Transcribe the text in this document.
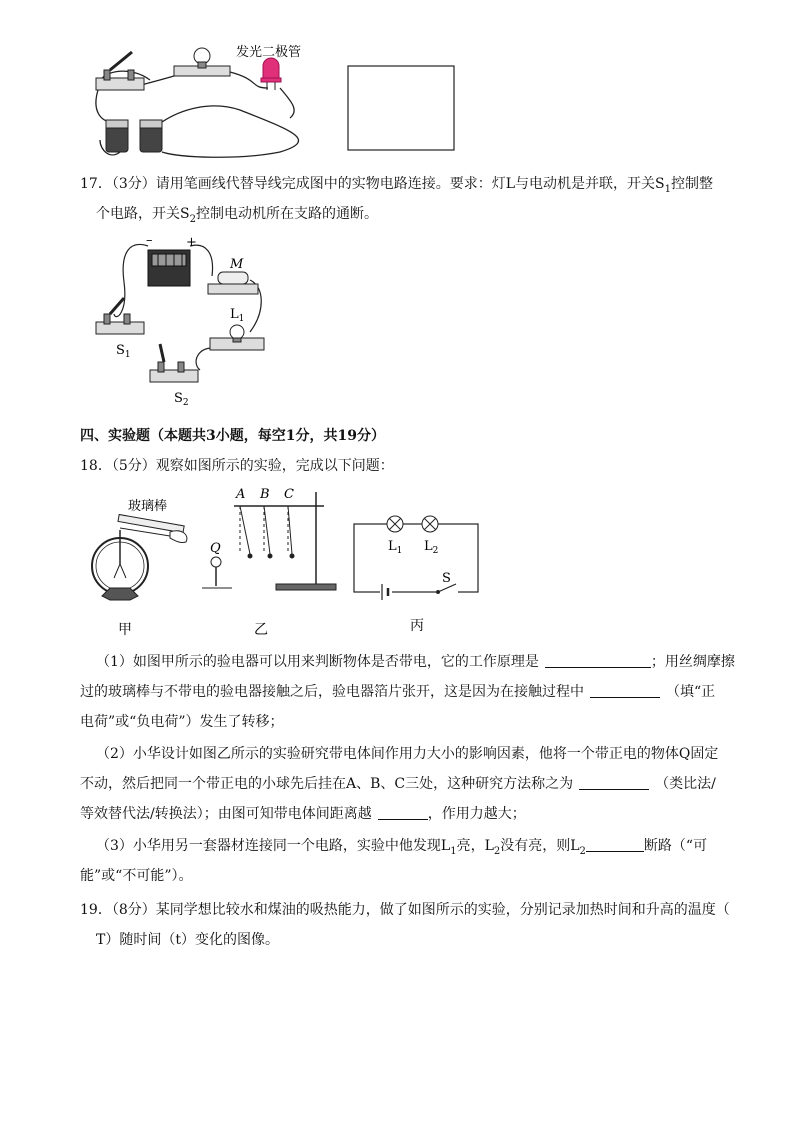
发光二极管
17．（3分）请用笔画线代替导线完成图中的实物电路连接。要求：灯L与电动机是并联，开关$S_1$控制整
个电路，开关$S_2$控制电动机所在支路的通断。
–	+
M
$S_1$
$L_1$
$S_2$
四、实验题（本题共3小题，每空1分，共19分）
18．（5分）观察如图所示的实验，完成以下问题：
玻璃棒
甲
A B C
Q
乙
$L_1$ $L_2$
S
丙
（1）如图甲所示的验电器可以用来判断物体是否带电，它的工作原理是	；用丝绸摩擦
过的玻璃棒与不带电的验电器接触之后，验电器箔片张开，这是因为在接触过程中	（填“正
电荷”或“负电荷”）发生了转移；
（2）小华设计如图乙所示的实验研究带电体间作用力大小的影响因素，他将一个带正电的物体Q固定
不动，然后把同一个带正电的小球先后挂在A、B、C三处，这种研究方法称之为	（类比法/
等效替代法/转换法）；由图可知带电体间距离越	，作用力越大；
（3）小华用另一套器材连接同一个电路，实验中他发现$L_1$亮，$L_2$没有亮，则$L_2$	断路（“可
能”或“不可能”）。
19．（8分）某同学想比较水和煤油的吸热能力，做了如图所示的实验，分别记录加热时间和升高的温度（
T）随时间（t）变化的图像。
